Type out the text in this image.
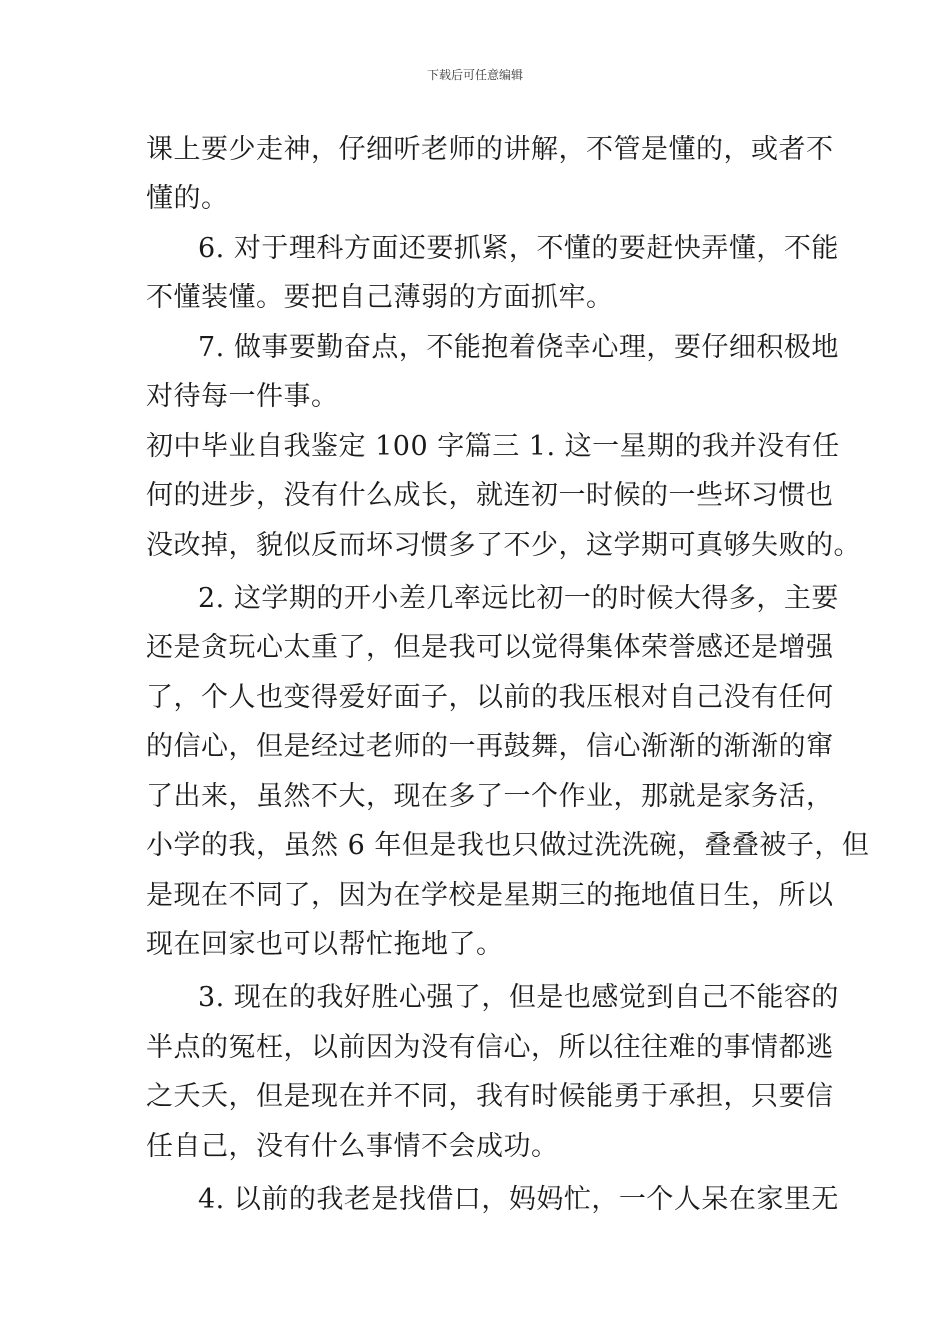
下载后可任意编辑
课上要少走神，仔细听老师的讲解，不管是懂的，或者不
懂的。
6. 对于理科方面还要抓紧，不懂的要赶快弄懂，不能
不懂装懂。要把自己薄弱的方面抓牢。
7. 做事要勤奋点，不能抱着侥幸心理，要仔细积极地
对待每一件事。
初中毕业自我鉴定 100 字篇三 1. 这一星期的我并没有任
何的进步，没有什么成长，就连初一时候的一些坏习惯也
没改掉，貌似反而坏习惯多了不少，这学期可真够失败的。
2. 这学期的开小差几率远比初一的时候大得多，主要
还是贪玩心太重了，但是我可以觉得集体荣誉感还是增强
了，个人也变得爱好面子，以前的我压根对自己没有任何
的信心，但是经过老师的一再鼓舞，信心渐渐的渐渐的窜
了出来，虽然不大，现在多了一个作业，那就是家务活，
小学的我，虽然 6 年但是我也只做过洗洗碗，叠叠被子，但
是现在不同了，因为在学校是星期三的拖地值日生，所以
现在回家也可以帮忙拖地了。
3. 现在的我好胜心强了，但是也感觉到自己不能容的
半点的冤枉，以前因为没有信心，所以往往难的事情都逃
之夭夭，但是现在并不同，我有时候能勇于承担，只要信
任自己，没有什么事情不会成功。
4. 以前的我老是找借口，妈妈忙，一个人呆在家里无
